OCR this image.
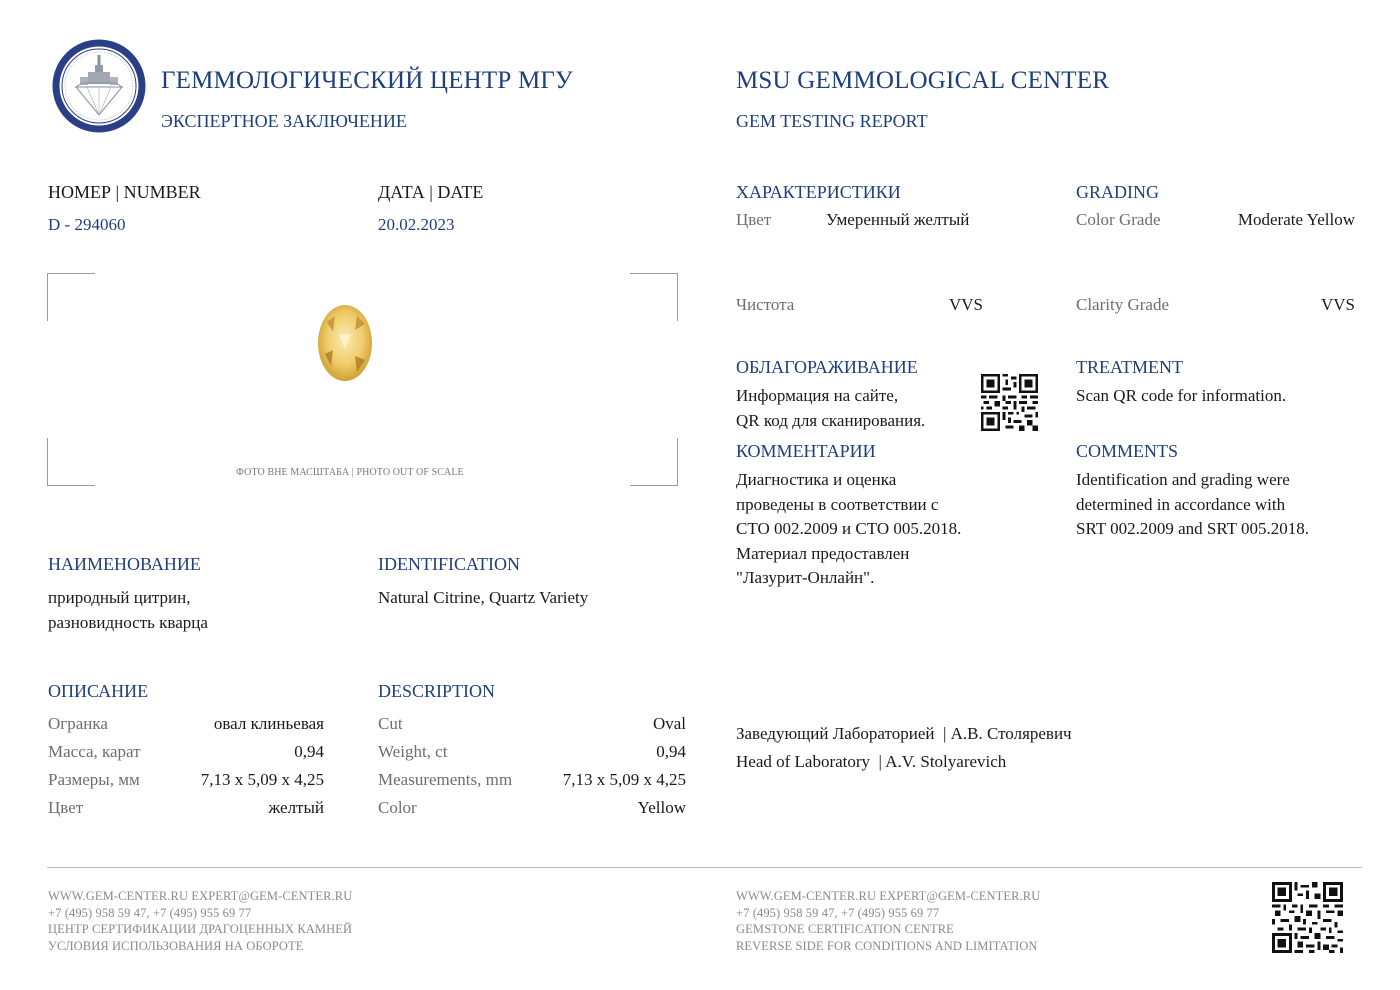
ГЕММОЛОГИЧЕСКИЙ ЦЕНТР МГУ
ЭКСПЕРТНОЕ ЗАКЛЮЧЕНИЕ
MSU GEMMOLOGICAL CENTER
GEM TESTING REPORT
НОМЕР | NUMBER
D - 294060
ДАТА | DATE
20.02.2023
ФОТО ВНЕ МАСШТАБА | PHOTO OUT OF SCALE
НАИМЕНОВАНИЕ
природный цитрин,
разновидность кварца
IDENTIFICATION
Natural Citrine, Quartz Variety
ОПИСАНИЕ	DESCRIPTION
Огранка	овал клиньевая
Масса, карат	0,94
Размеры, мм	7,13 x 5,09 x 4,25
Цвет	желтый
Cut	Oval
Weight, ct	0,94
Measurements, mm	7,13 x 5,09 x 4,25
Color	Yellow
ХАРАКТЕРИСТИКИ	GRADING
Цвет	Умеренный желтый	Color Grade	Moderate Yellow
Чистота	VVS	Clarity Grade	VVS
ОБЛАГОРАЖИВАНИЕ
Информация на сайте,
QR код для сканирования.
TREATMENT
Scan QR code for information.
КОММЕНТАРИИ
Диагностика и оценка
проведены в соответствии с
СТО 002.2009 и СТО 005.2018.
Материал предоставлен
"Лазурит-Онлайн".
COMMENTS
Identification and grading were
determined in accordance with
SRT 002.2009 and SRT 005.2018.
Заведующий Лабораторией  | А.В. Столяревич
Head of Laboratory  | A.V. Stolyarevich
WWW.GEM-CENTER.RU EXPERT@GEM-CENTER.RU
+7 (495) 958 59 47, +7 (495) 955 69 77
ЦЕНТР СЕРТИФИКАЦИИ ДРАГОЦЕННЫХ КАМНЕЙ
УСЛОВИЯ ИСПОЛЬЗОВАНИЯ НА ОБОРОТЕ
WWW.GEM-CENTER.RU EXPERT@GEM-CENTER.RU
+7 (495) 958 59 47, +7 (495) 955 69 77
GEMSTONE CERTIFICATION CENTRE
REVERSE SIDE FOR CONDITIONS AND LIMITATION
